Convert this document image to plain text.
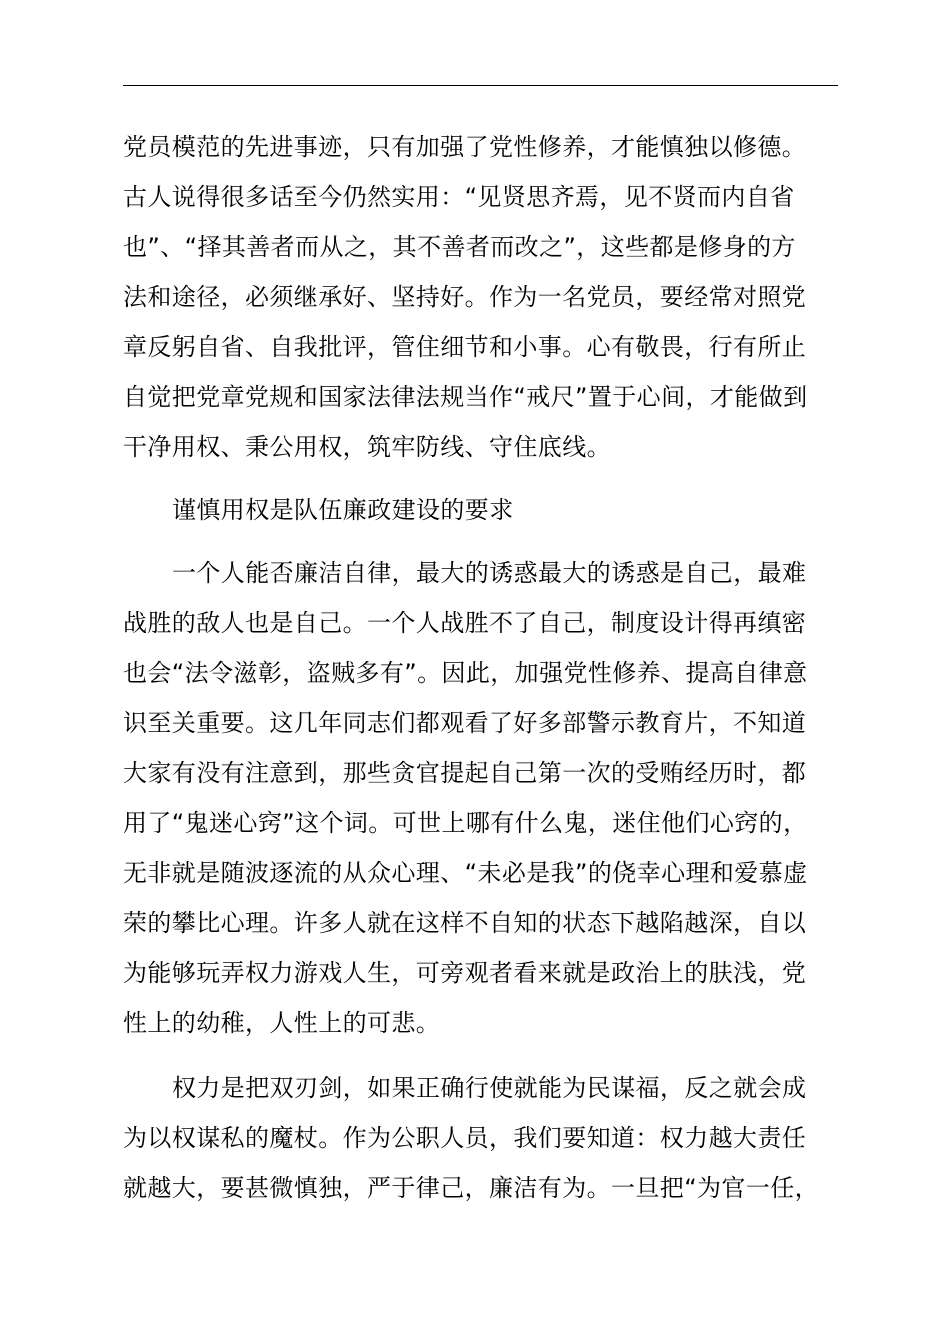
党员模范的先进事迹，只有加强了党性修养，才能慎独以修德。
古人说得很多话至今仍然实用：“见贤思齐焉，见不贤而内自省
也”、“择其善者而从之，其不善者而改之”，这些都是修身的方
法和途径，必须继承好、坚持好。作为一名党员，要经常对照党
章反躬自省、自我批评，管住细节和小事。心有敬畏，行有所止
自觉把党章党规和国家法律法规当作“戒尺”置于心间，才能做到
干净用权、秉公用权，筑牢防线、守住底线。

谨慎用权是队伍廉政建设的要求

一个人能否廉洁自律，最大的诱惑最大的诱惑是自己，最难
战胜的敌人也是自己。一个人战胜不了自己，制度设计得再缜密
也会“法令滋彰，盗贼多有”。因此，加强党性修养、提高自律意
识至关重要。这几年同志们都观看了好多部警示教育片，不知道
大家有没有注意到，那些贪官提起自己第一次的受贿经历时，都
用了“鬼迷心窍”这个词。可世上哪有什么鬼，迷住他们心窍的，
无非就是随波逐流的从众心理、“未必是我”的侥幸心理和爱慕虚
荣的攀比心理。许多人就在这样不自知的状态下越陷越深，自以
为能够玩弄权力游戏人生，可旁观者看来就是政治上的肤浅，党
性上的幼稚，人性上的可悲。

权力是把双刃剑，如果正确行使就能为民谋福，反之就会成
为以权谋私的魔杖。作为公职人员，我们要知道：权力越大责任
就越大，要甚微慎独，严于律己，廉洁有为。一旦把“为官一任，
